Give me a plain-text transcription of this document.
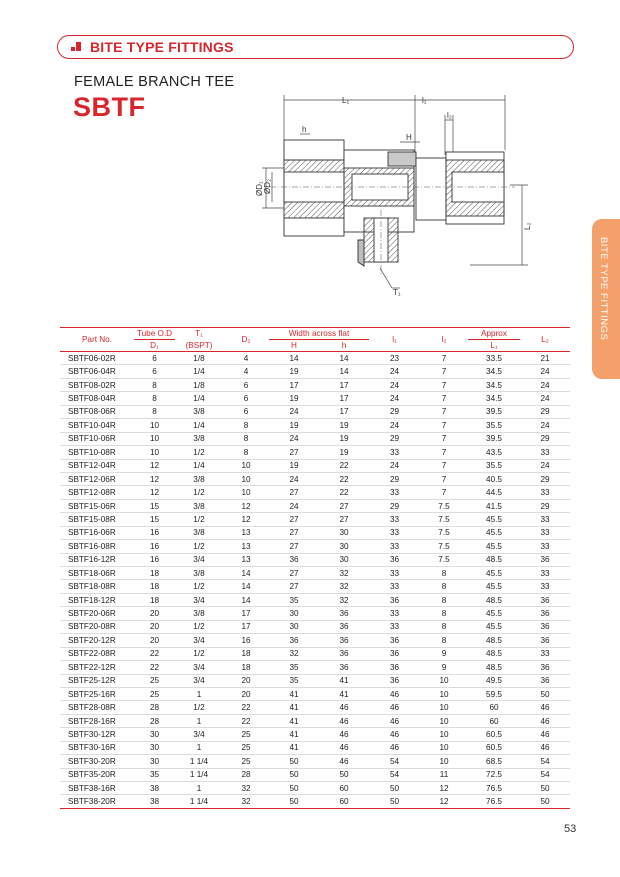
BITE TYPE FITTINGS
FEMALE BRANCH TEE
SBTF
BITE TYPE FITTINGS
L₁	l₁
l₂
h
H
ØD₁ ØD₂
L₂
T₁
Part No.	Tube O.D	T₁	D₂	Width across flat		l₁	l₂	Approx	L₂
	D₁	(BSPT)		H	h			L₁	
SBTF06-02R	6	1/8	4	14	14	23	7	33.5	21
SBTF06-04R	6	1/4	4	19	14	24	7	34.5	24
SBTF08-02R	8	1/8	6	17	17	24	7	34.5	24
SBTF08-04R	8	1/4	6	19	17	24	7	34.5	24
SBTF08-06R	8	3/8	6	24	17	29	7	39.5	29
SBTF10-04R	10	1/4	8	19	19	24	7	35.5	24
SBTF10-06R	10	3/8	8	24	19	29	7	39.5	29
SBTF10-08R	10	1/2	8	27	19	33	7	43.5	33
SBTF12-04R	12	1/4	10	19	22	24	7	35.5	24
SBTF12-06R	12	3/8	10	24	22	29	7	40.5	29
SBTF12-08R	12	1/2	10	27	22	33	7	44.5	33
SBTF15-06R	15	3/8	12	24	27	29	7.5	41.5	29
SBTF15-08R	15	1/2	12	27	27	33	7.5	45.5	33
SBTF16-06R	16	3/8	13	27	30	33	7.5	45.5	33
SBTF16-08R	16	1/2	13	27	30	33	7.5	45.5	33
SBTF16-12R	16	3/4	13	36	30	36	7.5	48.5	36
SBTF18-06R	18	3/8	14	27	32	33	8	45.5	33
SBTF18-08R	18	1/2	14	27	32	33	8	45.5	33
SBTF18-12R	18	3/4	14	35	32	36	8	48.5	36
SBTF20-06R	20	3/8	17	30	36	33	8	45.5	36
SBTF20-08R	20	1/2	17	30	36	33	8	45.5	36
SBTF20-12R	20	3/4	16	36	36	36	8	48.5	36
SBTF22-08R	22	1/2	18	32	36	36	9	48.5	33
SBTF22-12R	22	3/4	18	35	36	36	9	48.5	36
SBTF25-12R	25	3/4	20	35	41	36	10	49.5	36
SBTF25-16R	25	1	20	41	41	46	10	59.5	50
SBTF28-08R	28	1/2	22	41	46	46	10	60	46
SBTF28-16R	28	1	22	41	46	46	10	60	46
SBTF30-12R	30	3/4	25	41	46	46	10	60.5	46
SBTF30-16R	30	1	25	41	46	46	10	60.5	46
SBTF30-20R	30	1 1/4	25	50	46	54	10	68.5	54
SBTF35-20R	35	1 1/4	28	50	50	54	11	72.5	54
SBTF38-16R	38	1	32	50	60	50	12	76.5	50
SBTF38-20R	38	1 1/4	32	50	60	50	12	76.5	50
53
